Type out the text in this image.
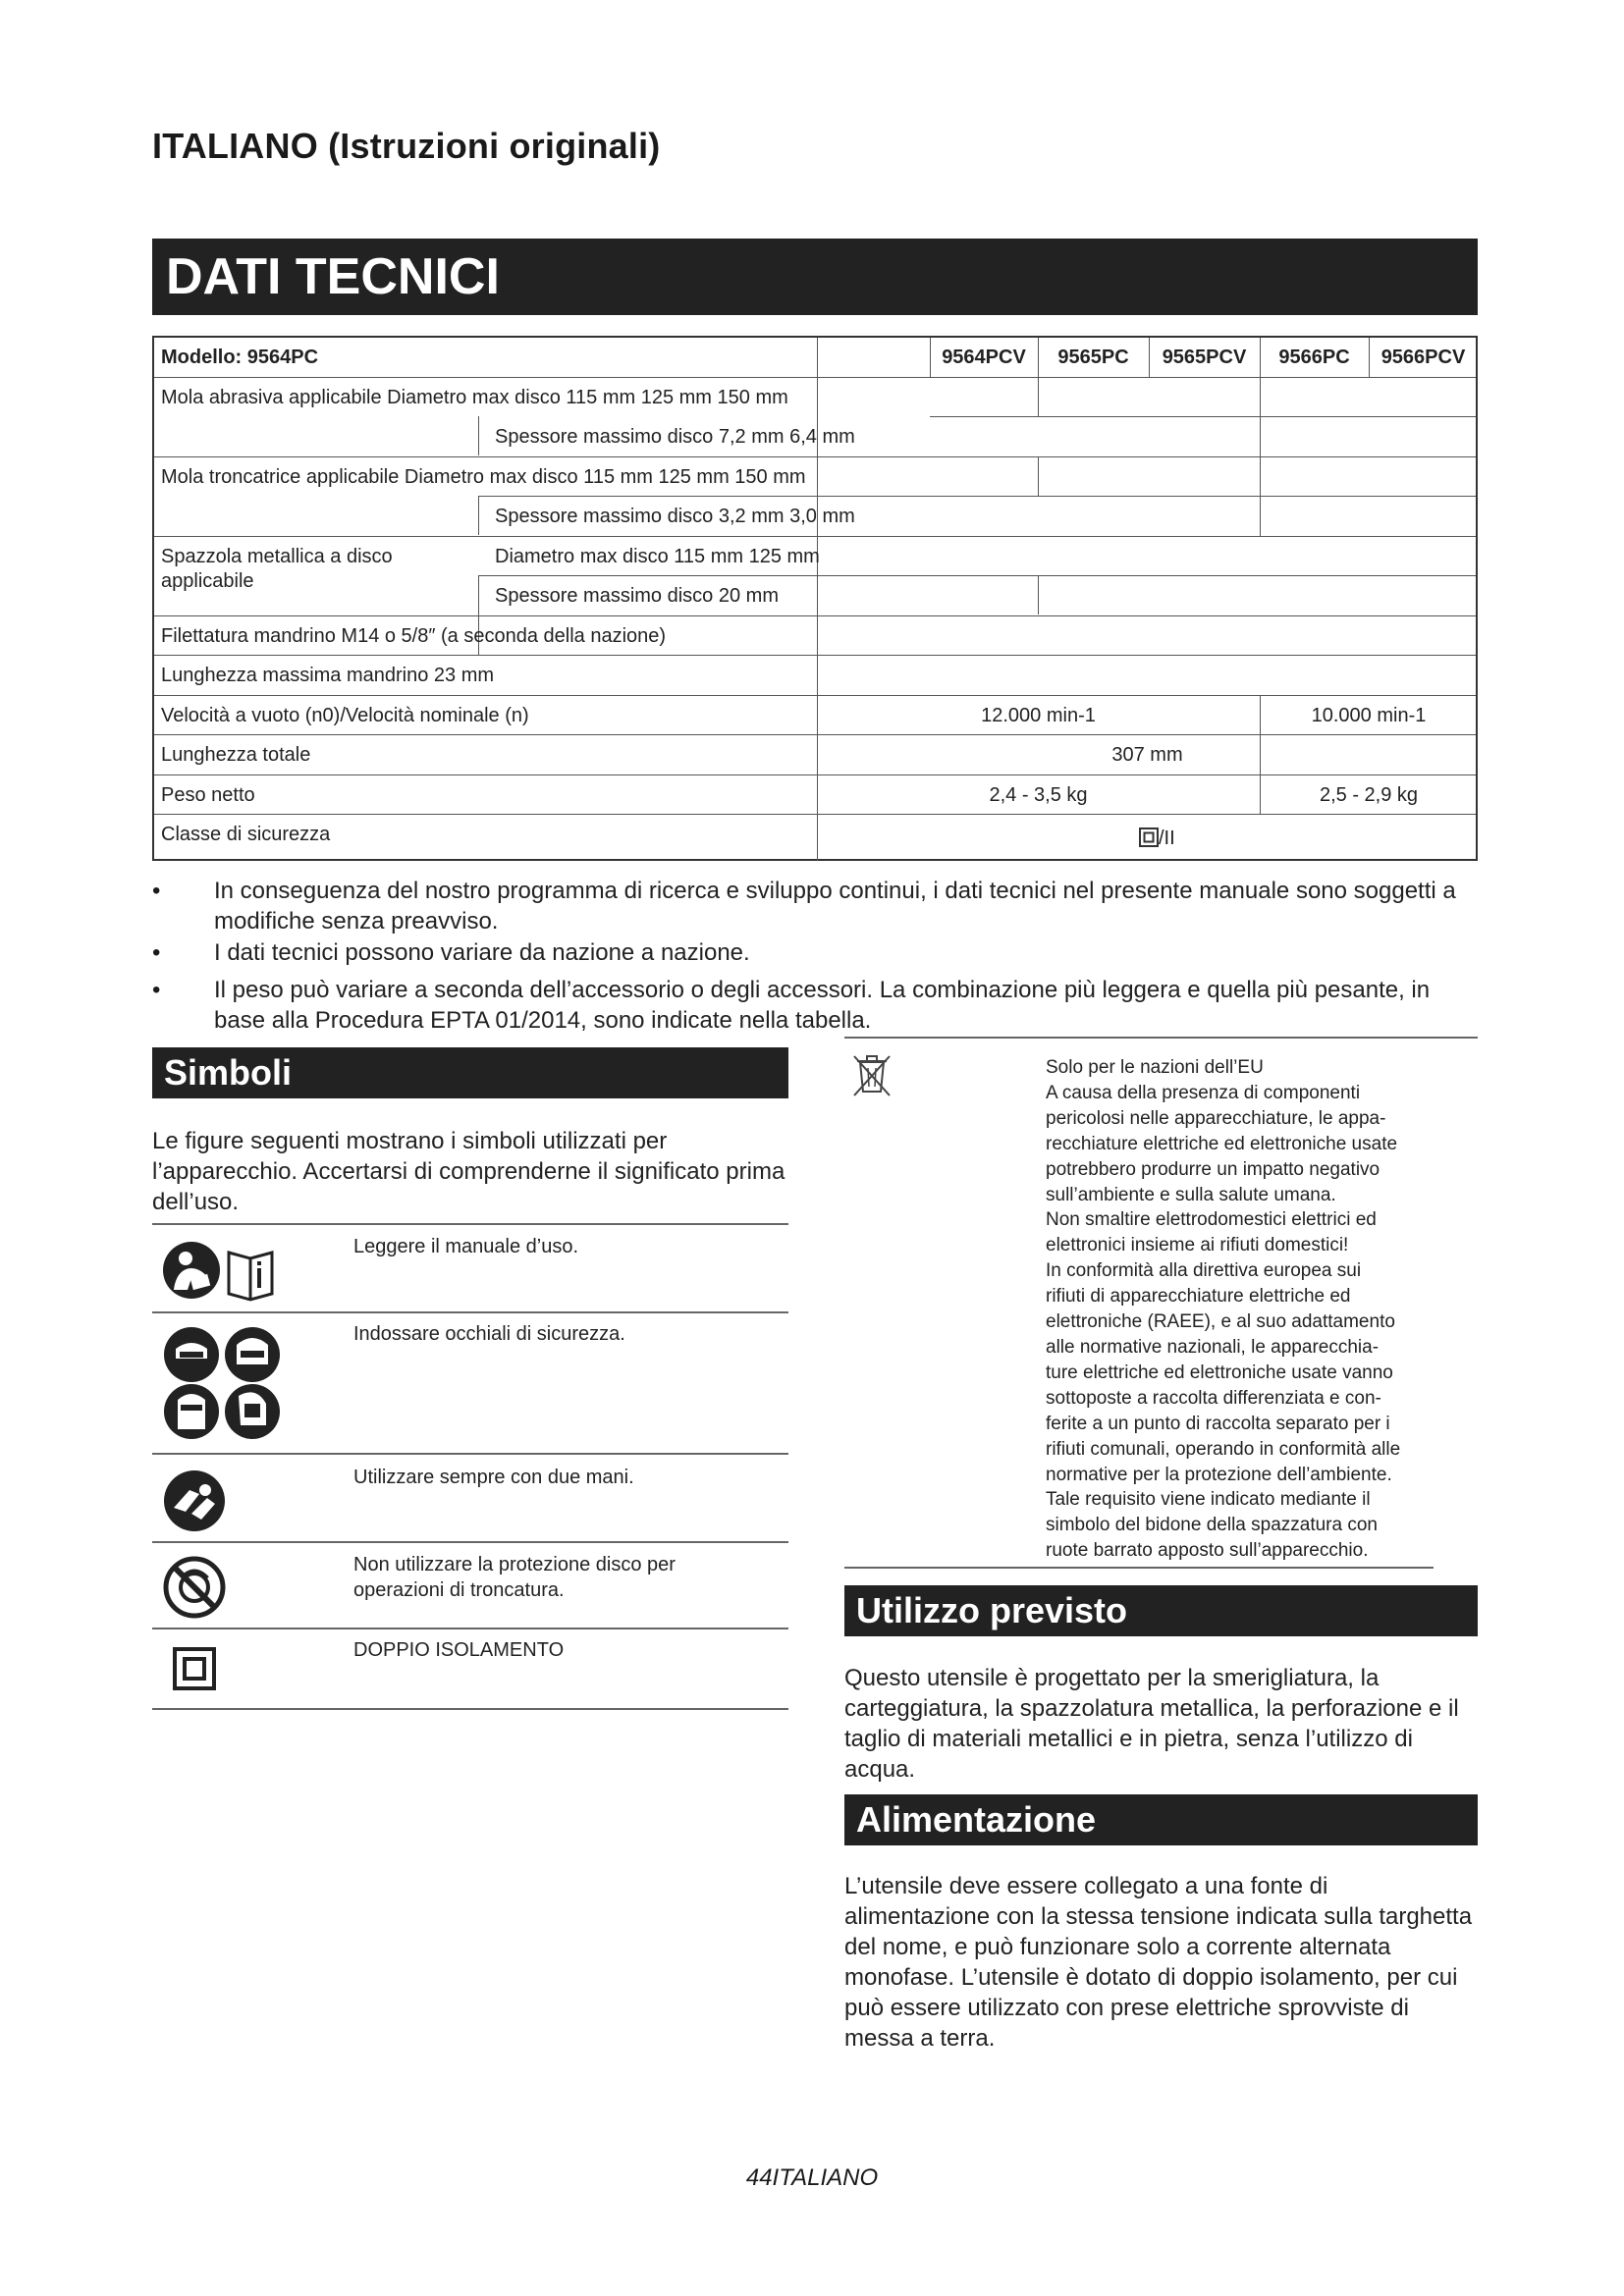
ITALIANO (Istruzioni originali)
DATI TECNICI
Modello: 9564PC	9564PCV	9565PC	9565PCV	9566PC	9566PCV
Mola abrasiva applicabile Diametro max disco 115 mm 125 mm 150 mm
Spessore massimo disco 7,2 mm 6,4 mm
Mola troncatrice applicabile Diametro max disco 115 mm 125 mm 150 mm
Spessore massimo disco 3,2 mm 3,0 mm
Spazzola metallica a disco
applicabile
Diametro max disco 115 mm 125 mm
Spessore massimo disco 20 mm
Filettatura mandrino M14 o 5/8″ (a seconda della nazione)
Lunghezza massima mandrino 23 mm
Velocità a vuoto (n0)/Velocità nominale (n)	12.000 min-1	10.000 min-1
Lunghezza totale	307 mm
Peso netto	2,4 - 3,5 kg	2,5 - 2,9 kg
Classe di sicurezza	/II
• In conseguenza del nostro programma di ricerca e sviluppo continui, i dati tecnici nel presente manuale sono soggetti a modifiche senza preavviso.
• I dati tecnici possono variare da nazione a nazione.
• Il peso può variare a seconda dell’accessorio o degli accessori. La combinazione più leggera e quella più pesante, in base alla Procedura EPTA 01/2014, sono indicate nella tabella.
Simboli
Le figure seguenti mostrano i simboli utilizzati per l’apparecchio. Accertarsi di comprenderne il significato prima dell’uso.
Leggere il manuale d’uso.
Indossare occhiali di sicurezza.
Utilizzare sempre con due mani.
Non utilizzare la protezione disco per operazioni di troncatura.
DOPPIO ISOLAMENTO
Solo per le nazioni dell’EU
A causa della presenza di componenti
pericolosi nelle apparecchiature, le appa-
recchiature elettriche ed elettroniche usate
potrebbero produrre un impatto negativo
sull’ambiente e sulla salute umana.
Non smaltire elettrodomestici elettrici ed
elettronici insieme ai rifiuti domestici!
In conformità alla direttiva europea sui
rifiuti di apparecchiature elettriche ed
elettroniche (RAEE), e al suo adattamento
alle normative nazionali, le apparecchia-
ture elettriche ed elettroniche usate vanno
sottoposte a raccolta differenziata e con-
ferite a un punto di raccolta separato per i
rifiuti comunali, operando in conformità alle
normative per la protezione dell’ambiente.
Tale requisito viene indicato mediante il
simbolo del bidone della spazzatura con
ruote barrato apposto sull’apparecchio.
Utilizzo previsto
Questo utensile è progettato per la smerigliatura, la carteggiatura, la spazzolatura metallica, la perforazione e il taglio di materiali metallici e in pietra, senza l’utilizzo di acqua.
Alimentazione
L’utensile deve essere collegato a una fonte di alimentazione con la stessa tensione indicata sulla targhetta del nome, e può funzionare solo a corrente alternata monofase. L’utensile è dotato di doppio isolamento, per cui può essere utilizzato con prese elettriche sprovviste di messa a terra.
44ITALIANO
